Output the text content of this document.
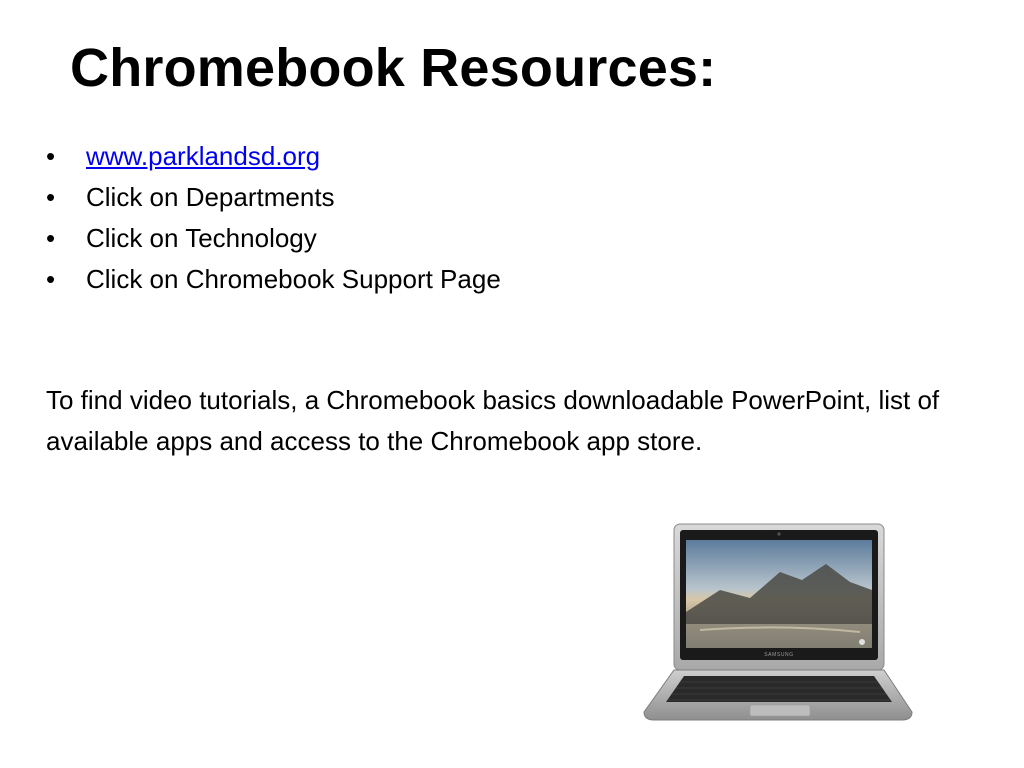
Chromebook Resources:
• www.parklandsd.org
• Click on Departments
• Click on Technology
• Click on Chromebook Support Page

To find video tutorials, a Chromebook basics downloadable PowerPoint, list of available apps and access to the Chromebook app store.

SAMSUNG
